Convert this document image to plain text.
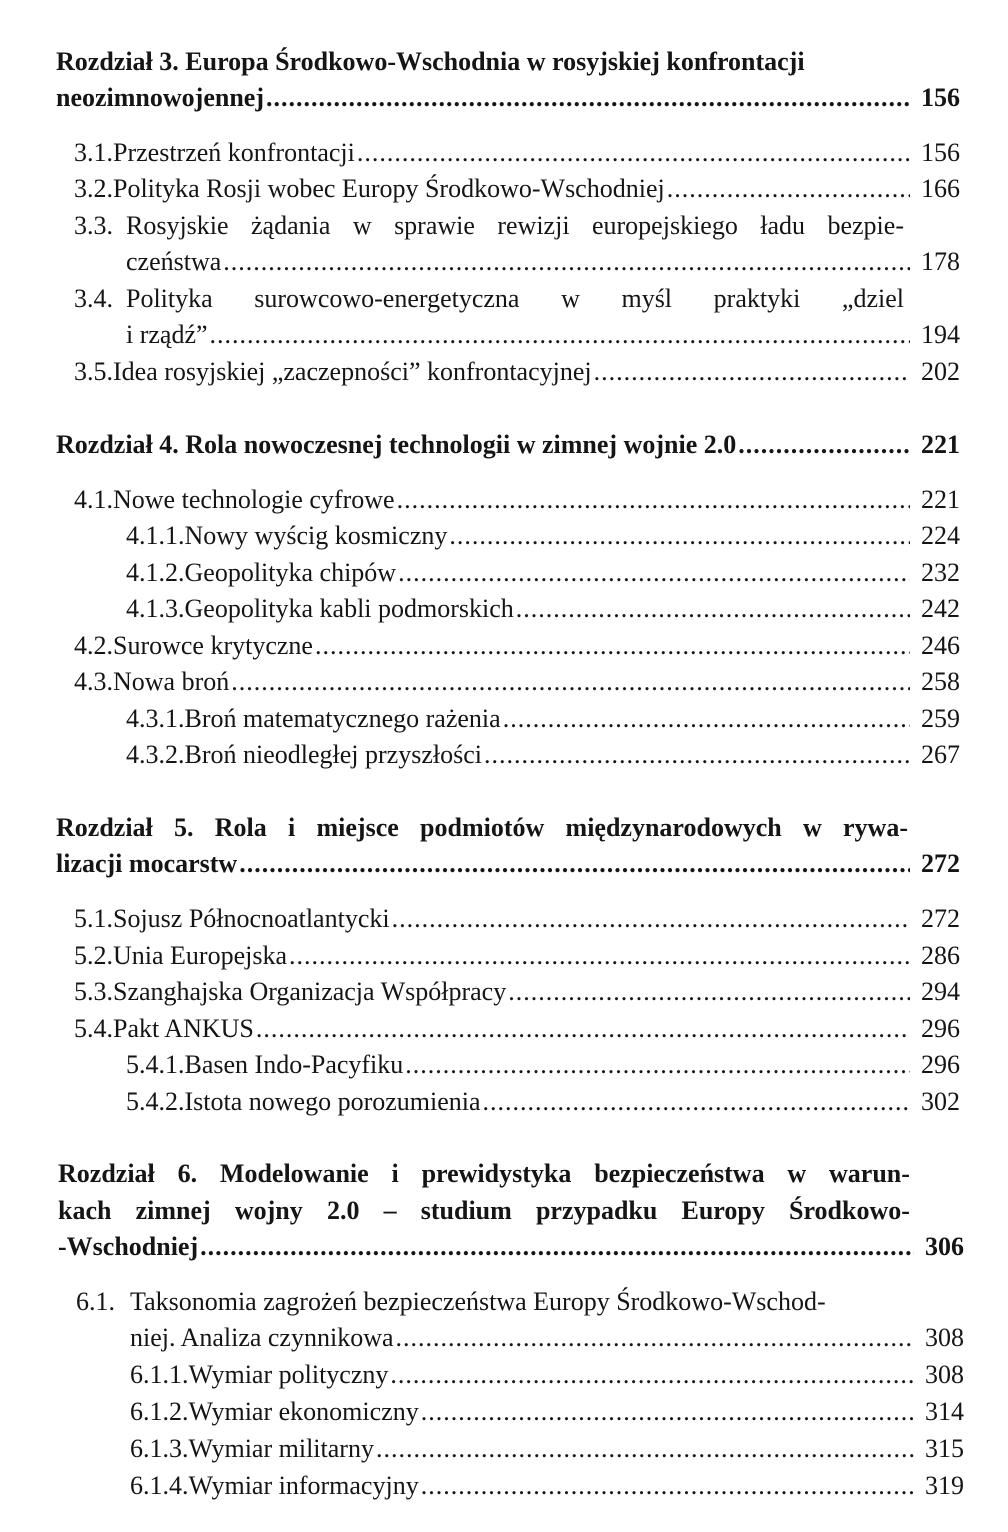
Rozdział 3. Europa Środkowo-Wschodnia w rosyjskiej konfrontacji
neozimnowojennej .....	156
3.1. Przestrzeń konfrontacji .....	156
3.2. Polityka Rosji wobec Europy Środkowo-Wschodniej .....	166
3.3. Rosyjskie żądania w sprawie rewizji europejskiego ładu bezpie-
czeństwa .....	178
3.4. Polityka surowcowo-energetyczna w myśl praktyki „dziel
i rządź” .....	194
3.5. Idea rosyjskiej „zaczepności” konfrontacyjnej .....	202
Rozdział 4. Rola nowoczesnej technologii w zimnej wojnie 2.0 .....	221
4.1. Nowe technologie cyfrowe .....	221
4.1.1. Nowy wyścig kosmiczny .....	224
4.1.2. Geopolityka chipów .....	232
4.1.3. Geopolityka kabli podmorskich .....	242
4.2. Surowce krytyczne .....	246
4.3. Nowa broń .....	258
4.3.1. Broń matematycznego rażenia .....	259
4.3.2. Broń nieodległej przyszłości .....	267
Rozdział 5. Rola i miejsce podmiotów międzynarodowych w rywa-
lizacji mocarstw .....	272
5.1. Sojusz Północnoatlantycki .....	272
5.2. Unia Europejska .....	286
5.3. Szanghajska Organizacja Współpracy .....	294
5.4. Pakt ANKUS .....	296
5.4.1. Basen Indo-Pacyfiku .....	296
5.4.2. Istota nowego porozumienia .....	302
Rozdział 6. Modelowanie i prewidystyka bezpieczeństwa w warun-
kach zimnej wojny 2.0 – studium przypadku Europy Środkowo-
-Wschodniej .....	306
6.1. Taksonomia zagrożeń bezpieczeństwa Europy Środkowo-Wschod-
niej. Analiza czynnikowa .....	308
6.1.1. Wymiar polityczny .....	308
6.1.2. Wymiar ekonomiczny .....	314
6.1.3. Wymiar militarny .....	315
6.1.4. Wymiar informacyjny .....	319
